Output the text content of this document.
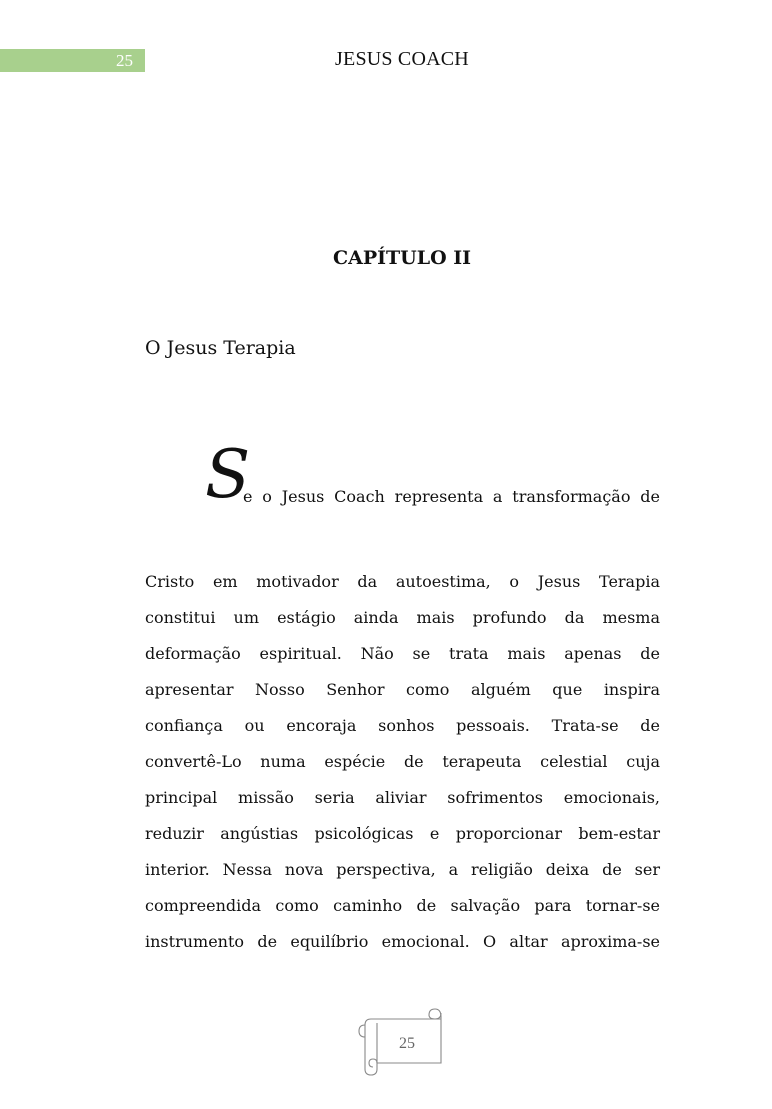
25	JESUS COACH
CAPÍTULO II
O Jesus Terapia
S
e o Jesus Coach representa a transformação de
Cristo em motivador da autoestima, o Jesus Terapia
constitui um estágio ainda mais profundo da mesma
deformação espiritual. Não se trata mais apenas de
apresentar Nosso Senhor como alguém que inspira
confiança ou encoraja sonhos pessoais. Trata-se de
convertê-Lo numa espécie de terapeuta celestial cuja
principal missão seria aliviar sofrimentos emocionais,
reduzir angústias psicológicas e proporcionar bem-estar
interior. Nessa nova perspectiva, a religião deixa de ser
compreendida como caminho de salvação para tornar-se
instrumento de equilíbrio emocional. O altar aproxima-se
25
